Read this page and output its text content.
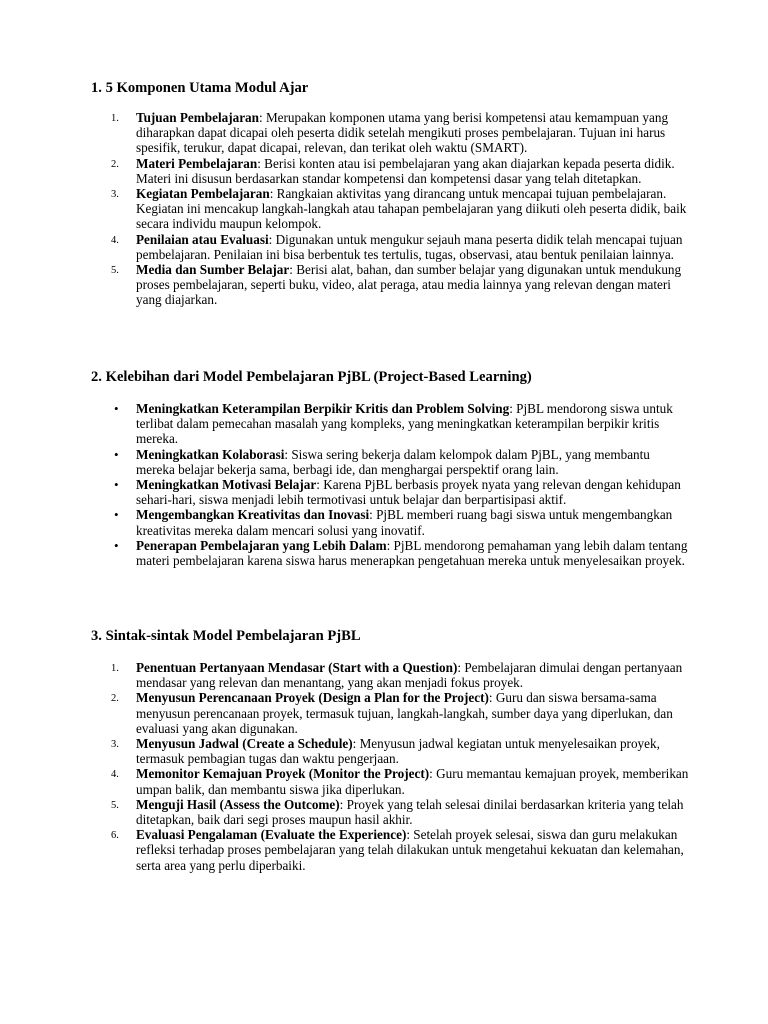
1. 5 Komponen Utama Modul Ajar
1.	Tujuan Pembelajaran: Merupakan komponen utama yang berisi kompetensi atau kemampuan yang diharapkan dapat dicapai oleh peserta didik setelah mengikuti proses pembelajaran. Tujuan ini harus spesifik, terukur, dapat dicapai, relevan, dan terikat oleh waktu (SMART).
2.	Materi Pembelajaran: Berisi konten atau isi pembelajaran yang akan diajarkan kepada peserta didik. Materi ini disusun berdasarkan standar kompetensi dan kompetensi dasar yang telah ditetapkan.
3.	Kegiatan Pembelajaran: Rangkaian aktivitas yang dirancang untuk mencapai tujuan pembelajaran. Kegiatan ini mencakup langkah-langkah atau tahapan pembelajaran yang diikuti oleh peserta didik, baik secara individu maupun kelompok.
4.	Penilaian atau Evaluasi: Digunakan untuk mengukur sejauh mana peserta didik telah mencapai tujuan pembelajaran. Penilaian ini bisa berbentuk tes tertulis, tugas, observasi, atau bentuk penilaian lainnya.
5.	Media dan Sumber Belajar: Berisi alat, bahan, dan sumber belajar yang digunakan untuk mendukung proses pembelajaran, seperti buku, video, alat peraga, atau media lainnya yang relevan dengan materi yang diajarkan.
2. Kelebihan dari Model Pembelajaran PjBL (Project-Based Learning)
• Meningkatkan Keterampilan Berpikir Kritis dan Problem Solving: PjBL mendorong siswa untuk terlibat dalam pemecahan masalah yang kompleks, yang meningkatkan keterampilan berpikir kritis mereka.
• Meningkatkan Kolaborasi: Siswa sering bekerja dalam kelompok dalam PjBL, yang membantu mereka belajar bekerja sama, berbagi ide, dan menghargai perspektif orang lain.
• Meningkatkan Motivasi Belajar: Karena PjBL berbasis proyek nyata yang relevan dengan kehidupan sehari-hari, siswa menjadi lebih termotivasi untuk belajar dan berpartisipasi aktif.
• Mengembangkan Kreativitas dan Inovasi: PjBL memberi ruang bagi siswa untuk mengembangkan kreativitas mereka dalam mencari solusi yang inovatif.
• Penerapan Pembelajaran yang Lebih Dalam: PjBL mendorong pemahaman yang lebih dalam tentang materi pembelajaran karena siswa harus menerapkan pengetahuan mereka untuk menyelesaikan proyek.
3. Sintak-sintak Model Pembelajaran PjBL
1.	Penentuan Pertanyaan Mendasar (Start with a Question): Pembelajaran dimulai dengan pertanyaan mendasar yang relevan dan menantang, yang akan menjadi fokus proyek.
2.	Menyusun Perencanaan Proyek (Design a Plan for the Project): Guru dan siswa bersama-sama menyusun perencanaan proyek, termasuk tujuan, langkah-langkah, sumber daya yang diperlukan, dan evaluasi yang akan digunakan.
3.	Menyusun Jadwal (Create a Schedule): Menyusun jadwal kegiatan untuk menyelesaikan proyek, termasuk pembagian tugas dan waktu pengerjaan.
4.	Memonitor Kemajuan Proyek (Monitor the Project): Guru memantau kemajuan proyek, memberikan umpan balik, dan membantu siswa jika diperlukan.
5.	Menguji Hasil (Assess the Outcome): Proyek yang telah selesai dinilai berdasarkan kriteria yang telah ditetapkan, baik dari segi proses maupun hasil akhir.
6.	Evaluasi Pengalaman (Evaluate the Experience): Setelah proyek selesai, siswa dan guru melakukan refleksi terhadap proses pembelajaran yang telah dilakukan untuk mengetahui kekuatan dan kelemahan, serta area yang perlu diperbaiki.
